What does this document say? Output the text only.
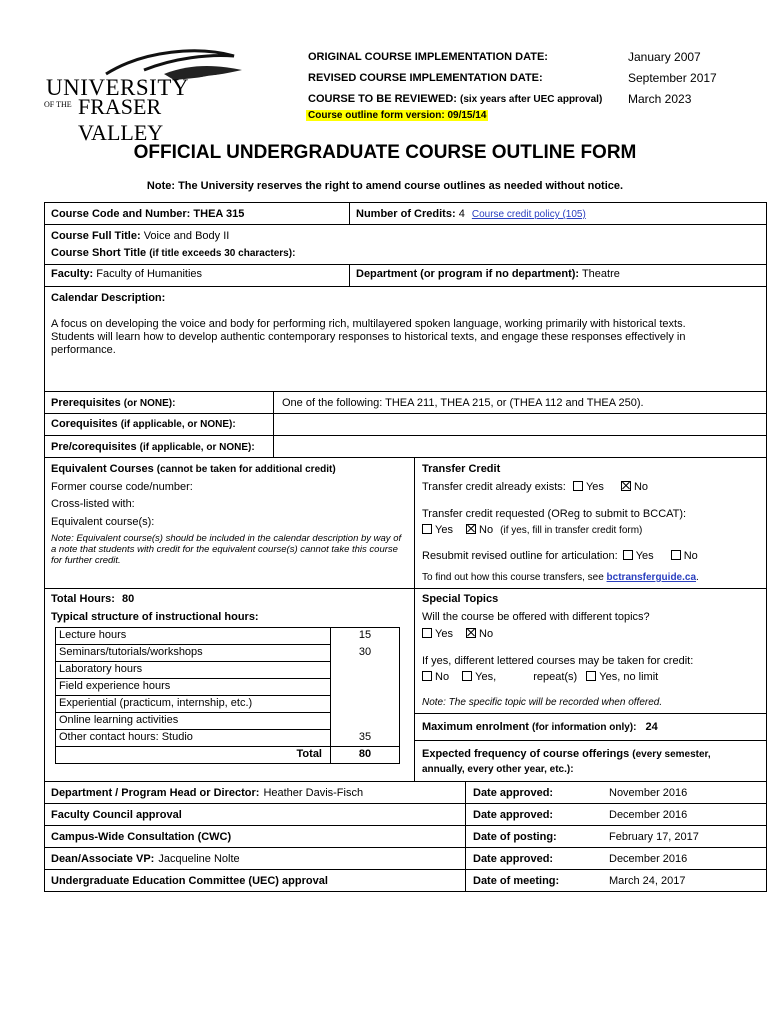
UNIVERSITY
OF THE FRASER VALLEY
ORIGINAL COURSE IMPLEMENTATION DATE:	January 2007
REVISED COURSE IMPLEMENTATION DATE:	September 2017
COURSE TO BE REVIEWED: (six years after UEC approval) March 2023
Course outline form version: 09/15/14
OFFICIAL UNDERGRADUATE COURSE OUTLINE FORM
Note: The University reserves the right to amend course outlines as needed without notice.
Course Code and Number: THEA 315	Number of Credits: 4 Course credit policy (105)
Course Full Title: Voice and Body II
Course Short Title (if title exceeds 30 characters):
Faculty: Faculty of Humanities	Department (or program if no department): Theatre
Calendar Description:
A focus on developing the voice and body for performing rich, multilayered spoken language, working primarily with historical texts. Students will learn how to develop authentic contemporary responses to historical texts, and engage these responses effectively in performance.
Prerequisites (or NONE):	One of the following: THEA 211, THEA 215, or (THEA 112 and THEA 250).
Corequisites (if applicable, or NONE):
Pre/corequisites (if applicable, or NONE):
Equivalent Courses (cannot be taken for additional credit)
Former course code/number:
Cross-listed with:
Equivalent course(s):
Note: Equivalent course(s) should be included in the calendar description by way of a note that students with credit for the equivalent course(s) cannot take this course for further credit.
Transfer Credit
Transfer credit already exists: Yes	No
Transfer credit requested (OReg to submit to BCCAT):
Yes No (if yes, fill in transfer credit form)
Resubmit revised outline for articulation: Yes	No
To find out how this course transfers, see bctransferguide.ca.
Total Hours: 80
Typical structure of instructional hours:
Lecture hours	15
Seminars/tutorials/workshops	30
Laboratory hours
Field experience hours
Experiential (practicum, internship, etc.)
Online learning activities
Other contact hours: Studio	35
Total	80
Special Topics
Will the course be offered with different topics?
Yes No
If yes, different lettered courses may be taken for credit:
No Yes,	repeat(s) Yes, no limit
Note: The specific topic will be recorded when offered.
Maximum enrolment (for information only): 24
Expected frequency of course offerings (every semester, annually, every other year, etc.):
Department / Program Head or Director: Heather Davis-Fisch	Date approved:	November 2016
Faculty Council approval	Date approved:	December 2016
Campus-Wide Consultation (CWC)	Date of posting:	February 17, 2017
Dean/Associate VP: Jacqueline Nolte	Date approved:	December 2016
Undergraduate Education Committee (UEC) approval	Date of meeting:	March 24, 2017
